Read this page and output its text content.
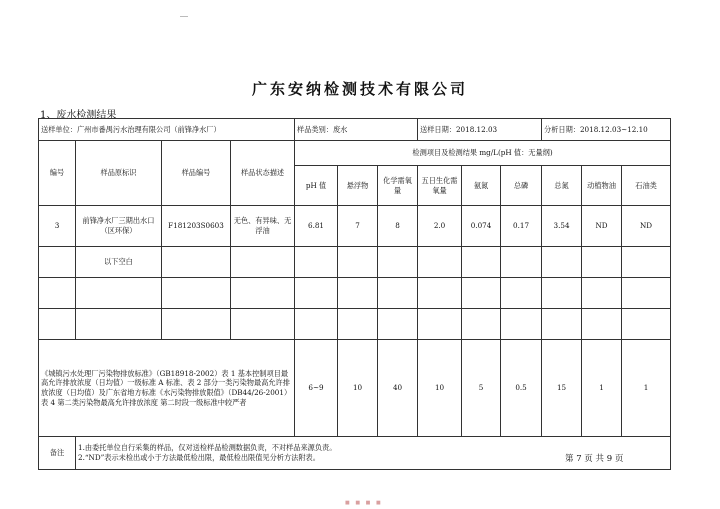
广东安纳检测技术有限公司
1、废水检测结果
送样单位：广州市番禺污水治理有限公司（前锋净水厂）				样品类别：废水			送样日期：2018.12.03			分析日期：2018.12.03~12.10		
编号	样品原标识	样品编号	样品状态描述	检测项目及检测结果 mg/L(pH 值：无量纲)								
				pH 值	悬浮物	化学需氧量	五日生化需氧量	氨氮	总磷	总氮	动植物油	石油类
3	前锋净水厂三期出水口（区环保）	F181203S0603	无色、有异味、无浮油	6.81	7	8	2.0	0.074	0.17	3.54	ND	ND
	以下空白											

《城镇污水处理厂污染物排放标准》（GB18918-2002）表 1 基本控制项目最高允许排放浓度（日均值）一级标准 A 标准、表 2 部分一类污染物最高允许排放浓度（日均值）及广东省地方标准《水污染物排放限值》（DB44/26-2001）表 4 第二类污染物最高允许排放浓度 第二时段一级标准中较严者				6~9	10	40	10	5	0.5	15	1	1
备注	1.由委托单位自行采集的样品，仅对送检样品检测数据负责，不对样品来源负责。
2.“ND”表示未检出或小于方法最低检出限，最低检出限值见分析方法附表。												第 7 页 共 9 页
■ ■ ■ ■
